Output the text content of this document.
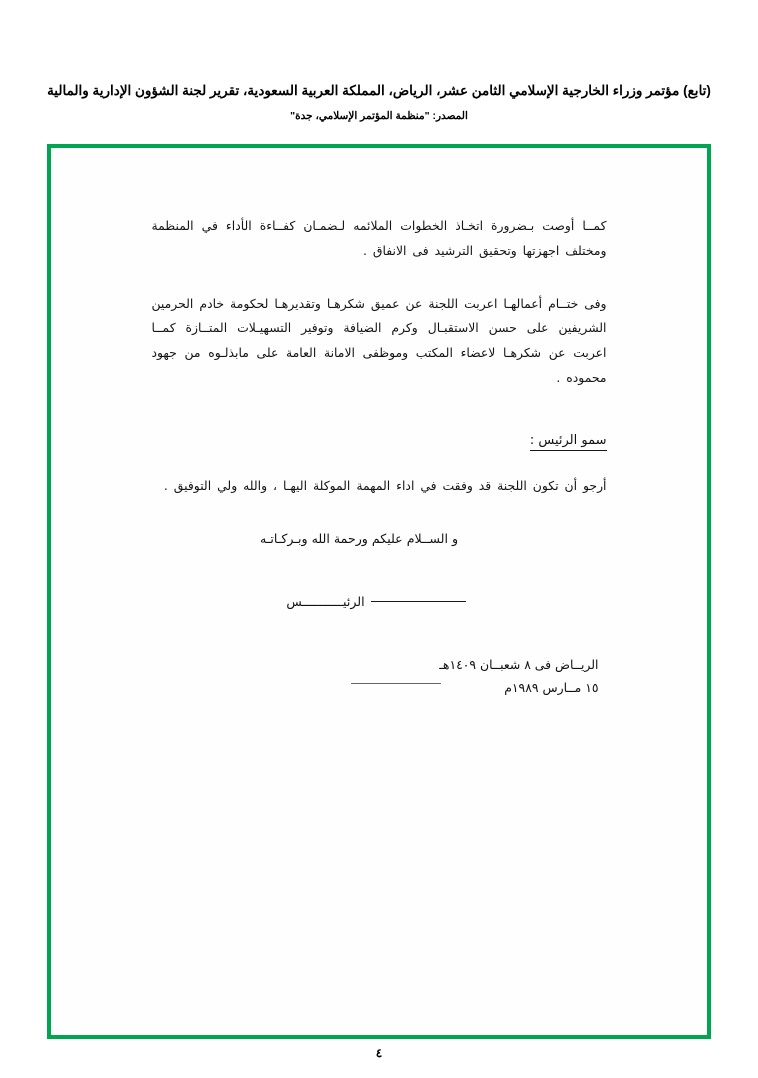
(تابع) مؤتمر وزراء الخارجية الإسلامي الثامن عشر، الرياض، المملكة العربية السعودية، تقرير لجنة الشؤون الإدارية والمالية
المصدر: "منظمة المؤتمر الإسلامي، جدة"

كمــا أوصت بـضرورة اتخـاذ الخطوات الملائمه لـضمـان كفــاءة الأداء في المنظمة ومختلف اجهزتها وتحقيق الترشيد فى الانفاق .

وفى ختــام أعمالهـا اعربت اللجنة عن عميق شكرهـا وتقديرهـا لحكومة خادم الحرمين الشريفين على حسن الاستقبـال وكرم الضيافة وتوفير التسهيـلات المتــازة كمــا اعربت عن شكرهـا لاعضاء المكتب وموظفى الامانة العامة على مابذلـوه من جهود محموده .

سمو الرئيس :

أرجو أن تكون اللجنة قد وفقت في اداء المهمة الموكلة اليهـا ، والله ولي التوفيق .

و الســلام عليكم ورحمة الله وبـركـاتـه
الرئيـــــــــــس
الريــاض فى ٨ شعبــان ١٤٠٩هـ
١٥ مــارس ١٩٨٩م
٤
